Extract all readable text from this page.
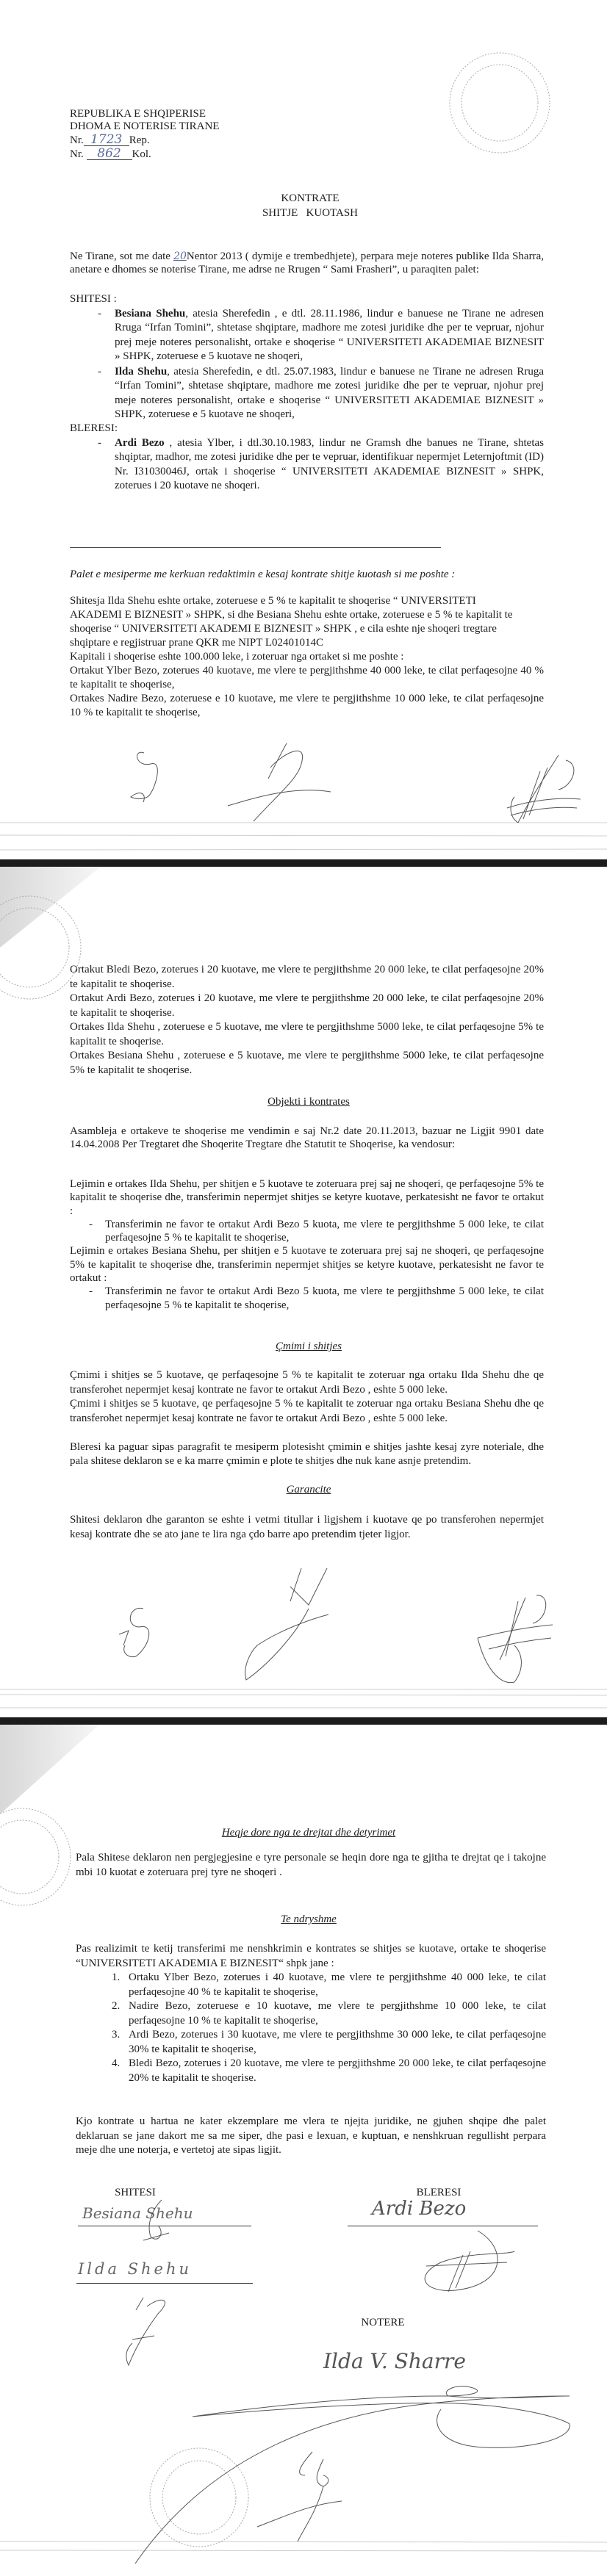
REPUBLIKA E SHQIPERISE
DHOMA E NOTERISE TIRANE
Nr. 1723 Rep.
Nr. 862 Kol.
KONTRATE
SHITJE   KUOTASH
Ne Tirane, sot me date 20Nentor 2013 ( dymije e trembedhjete), perpara meje noteres publike Ilda Sharra, anetare e dhomes se noterise Tirane, me adrse ne Rrugen “ Sami Frasheri”, u paraqiten palet:
SHITESI :
- Besiana Shehu, atesia Sherefedin , e dtl. 28.11.1986, lindur e banuese ne Tirane ne adresen Rruga “Irfan Tomini”, shtetase shqiptare, madhore me zotesi juridike dhe per te vepruar, njohur prej meje noteres personalisht, ortake e shoqerise “ UNIVERSITETI AKADEMIAE BIZNESIT » SHPK, zoteruese e 5 kuotave ne shoqeri,
- Ilda Shehu, atesia Sherefedin, e dtl. 25.07.1983, lindur e banuese ne Tirane ne adresen Rruga “Irfan Tomini”, shtetase shqiptare, madhore me zotesi juridike dhe per te vepruar, njohur prej meje noteres personalisht, ortake e shoqerise “ UNIVERSITETI AKADEMIAE BIZNESIT » SHPK, zoteruese e 5 kuotave ne shoqeri,
BLERESI:
- Ardi Bezo , atesia Ylber, i dtl.30.10.1983, lindur ne Gramsh dhe banues ne Tirane, shtetas shqiptar, madhor, me zotesi juridike dhe per te vepruar, identifikuar nepermjet Leternjoftmit (ID) Nr. I31030046J, ortak i shoqerise “ UNIVERSITETI AKADEMIAE BIZNESIT » SHPK, zoterues i 20 kuotave ne shoqeri.
Palet e mesiperme me kerkuan redaktimin e kesaj kontrate shitje kuotash si me poshte :
Shitesja Ilda Shehu eshte ortake, zoteruese e 5 % te kapitalit te shoqerise “ UNIVERSITETI AKADEMI E BIZNESIT » SHPK, si dhe Besiana Shehu eshte ortake, zoteruese e 5 % te kapitalit te shoqerise “ UNIVERSITETI AKADEMI E BIZNESIT » SHPK , e cila eshte nje shoqeri tregtare shqiptare e regjistruar prane QKR me NIPT L02401014C
Kapitali i shoqerise eshte 100.000 leke, i zoteruar nga ortaket si me poshte :
Ortakut Ylber Bezo, zoterues 40 kuotave, me vlere te pergjithshme 40 000 leke, te cilat perfaqesojne 40 % te kapitalit te shoqerise,
Ortakes Nadire Bezo, zoteruese e 10 kuotave, me vlere te pergjithshme 10 000 leke, te cilat perfaqesojne 10 % te kapitalit te shoqerise,
Ortakut Bledi Bezo, zoterues i 20 kuotave, me vlere te pergjithshme 20 000 leke, te cilat perfaqesojne 20% te kapitalit te shoqerise.
Ortakut Ardi Bezo, zoterues i 20 kuotave, me vlere te pergjithshme 20 000 leke, te cilat perfaqesojne 20% te kapitalit te shoqerise.
Ortakes Ilda Shehu , zoteruese e 5 kuotave, me vlere te pergjithshme 5000 leke, te cilat perfaqesojne 5% te kapitalit te shoqerise.
Ortakes Besiana Shehu , zoteruese e 5 kuotave, me vlere te pergjithshme 5000 leke, te cilat perfaqesojne 5% te kapitalit te shoqerise.
Objekti i kontrates
Asambleja e ortakeve te shoqerise me vendimin e saj Nr.2 date 20.11.2013, bazuar ne Ligjit 9901 date 14.04.2008 Per Tregtaret dhe Shoqerite Tregtare dhe Statutit te Shoqerise, ka vendosur:
Lejimin e ortakes Ilda Shehu, per shitjen e 5 kuotave te zoteruara prej saj ne shoqeri, qe perfaqesojne 5% te kapitalit te shoqerise dhe, transferimin nepermjet shitjes se ketyre kuotave, perkatesisht ne favor te ortakut :
- Transferimin ne favor te ortakut Ardi Bezo 5 kuota, me vlere te pergjithshme 5 000 leke, te cilat perfaqesojne 5 % te kapitalit te shoqerise,
Lejimin e ortakes Besiana Shehu, per shitjen e 5 kuotave te zoteruara prej saj ne shoqeri, qe perfaqesojne 5% te kapitalit te shoqerise dhe, transferimin nepermjet shitjes se ketyre kuotave, perkatesisht ne favor te ortakut :
- Transferimin ne favor te ortakut Ardi Bezo 5 kuota, me vlere te pergjithshme 5 000 leke, te cilat perfaqesojne 5 % te kapitalit te shoqerise,
Çmimi i shitjes
Çmimi i shitjes se 5 kuotave, qe perfaqesojne 5 % te kapitalit te zoteruar nga ortaku Ilda Shehu dhe qe transferohet nepermjet kesaj kontrate ne favor te ortakut Ardi Bezo , eshte 5 000 leke.
Çmimi i shitjes se 5 kuotave, qe perfaqesojne 5 % te kapitalit te zoteruar nga ortaku Besiana Shehu dhe qe transferohet nepermjet kesaj kontrate ne favor te ortakut Ardi Bezo , eshte 5 000 leke.
Bleresi ka paguar sipas paragrafit te mesiperm plotesisht çmimin e shitjes jashte kesaj zyre noteriale, dhe pala shitese deklaron se e ka marre çmimin e plote te shitjes dhe nuk kane asnje pretendim.
Garancite
Shitesi deklaron dhe garanton se eshte i vetmi titullar i ligjshem i kuotave qe po transferohen nepermjet kesaj kontrate dhe se ato jane te lira nga çdo barre apo pretendim tjeter ligjor.
Heqje dore nga te drejtat dhe detyrimet
Pala Shitese deklaron nen pergjegjesine e tyre personale se heqin dore nga te gjitha te drejtat qe i takojne mbi 10 kuotat e zoteruara prej tyre ne shoqeri .
Te ndryshme
Pas realizimit te ketij transferimi me nenshkrimin e kontrates se shitjes se kuotave, ortake te shoqerise “UNIVERSITETI AKADEMIA E BIZNESIT“ shpk jane :
1. Ortaku Ylber Bezo, zoterues i 40 kuotave, me vlere te pergjithshme 40 000 leke, te cilat perfaqesojne 40 % te kapitalit te shoqerise,
2. Nadire Bezo, zoteruese e 10 kuotave, me vlere te pergjithshme 10 000 leke, te cilat perfaqesojne 10 % te kapitalit te shoqerise,
3. Ardi Bezo, zoterues i 30 kuotave, me vlere te pergjithshme 30 000 leke, te cilat perfaqesojne 30% te kapitalit te shoqerise,
4. Bledi Bezo, zoterues i 20 kuotave, me vlere te pergjithshme 20 000 leke, te cilat perfaqesojne 20% te kapitalit te shoqerise.
Kjo kontrate u hartua ne kater ekzemplare me vlera te njejta juridike, ne gjuhen shqipe dhe palet deklaruan se jane dakort me sa me siper, dhe pasi e lexuan, e kuptuan, e nenshkruan regullisht perpara meje dhe une noterja, e vertetoj ate sipas ligjit.
SHITESI	BLERESI
Besiana Shehu	Ardi Bezo
Ilda Shehu
NOTERE
Ilda V. Sharre
